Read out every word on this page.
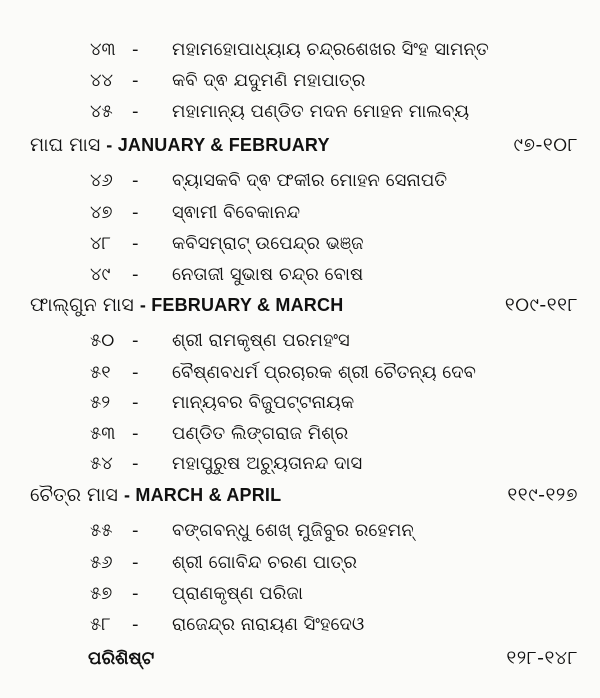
୪୩ -	ମହାମହୋପାଧ୍ୟାୟ ଚନ୍ଦ୍ରଶେଖର ସିଂହ ସାମନ୍ତ
୪୪	-	କବି ଦ୍ଵ ଯଦୁମଣି ମହାପାତ୍ର
୪୫	-	ମହାମାନ୍ୟ ପଣ୍ଡିତ ମଦନ ମୋହନ ମାଲବ୍ୟ
ମାଘ ମାସ - JANUARY & FEBRUARY	୯୭-୧୦୮
୪୬	-	ବ୍ୟାସକବି ଦ୍ଵ ଫକୀର ମୋହନ ସେନାପତି
୪୭	-	ସ୍ଵାମୀ ବିବେକାନନ୍ଦ
୪୮	-	କବିସମ୍ରାଟ୍ ଉପେନ୍ଦ୍ର ଭଞ୍ଜ
୪୯	-	ନେତାଜୀ ସୁଭାଷ ଚନ୍ଦ୍ର ବୋଷ
ଫାଲ୍‌ଗୁନ ମାସ - FEBRUARY & MARCH	୧୦୯-୧୧୮
୫୦ -	ଶ୍ରୀ ରାମକୃଷ୍ଣ ପରମହଂସ
୫୧	-	ବୈଷ୍ଣବଧର୍ମ ପ୍ରଚାରକ ଶ୍ରୀ ଚୈତନ୍ୟ ଦେବ
୫୨	-	ମାନ୍ୟବର ବିଜୁପଟ୍ଟନାୟକ
୫୩ -	ପଣ୍ଡିତ ଲିଙ୍ଗରାଜ ମିଶ୍ର
୫୪	-	ମହାପୁରୁଷ ଅଚ୍ୟୁତାନନ୍ଦ ଦାସ
ଚୈତ୍ର ମାସ - MARCH & APRIL	୧୧୯-୧୨୭
୫୫	-	ବଙ୍ଗବନ୍ଧୁ ଶେଖ୍ ମୁଜିବୁର ରହେମନ୍
୫୬	-	ଶ୍ରୀ ଗୋବିନ୍ଦ ଚରଣ ପାତ୍ର
୫୭	-	ପ୍ରାଣକୃଷ୍ଣ ପରିଜା
୫୮	-	ରାଜେନ୍ଦ୍ର ନାରାୟଣ ସିଂହଦେଓ
ପରିଶିଷ୍ଟ	୧୨୮-୧୪୮
